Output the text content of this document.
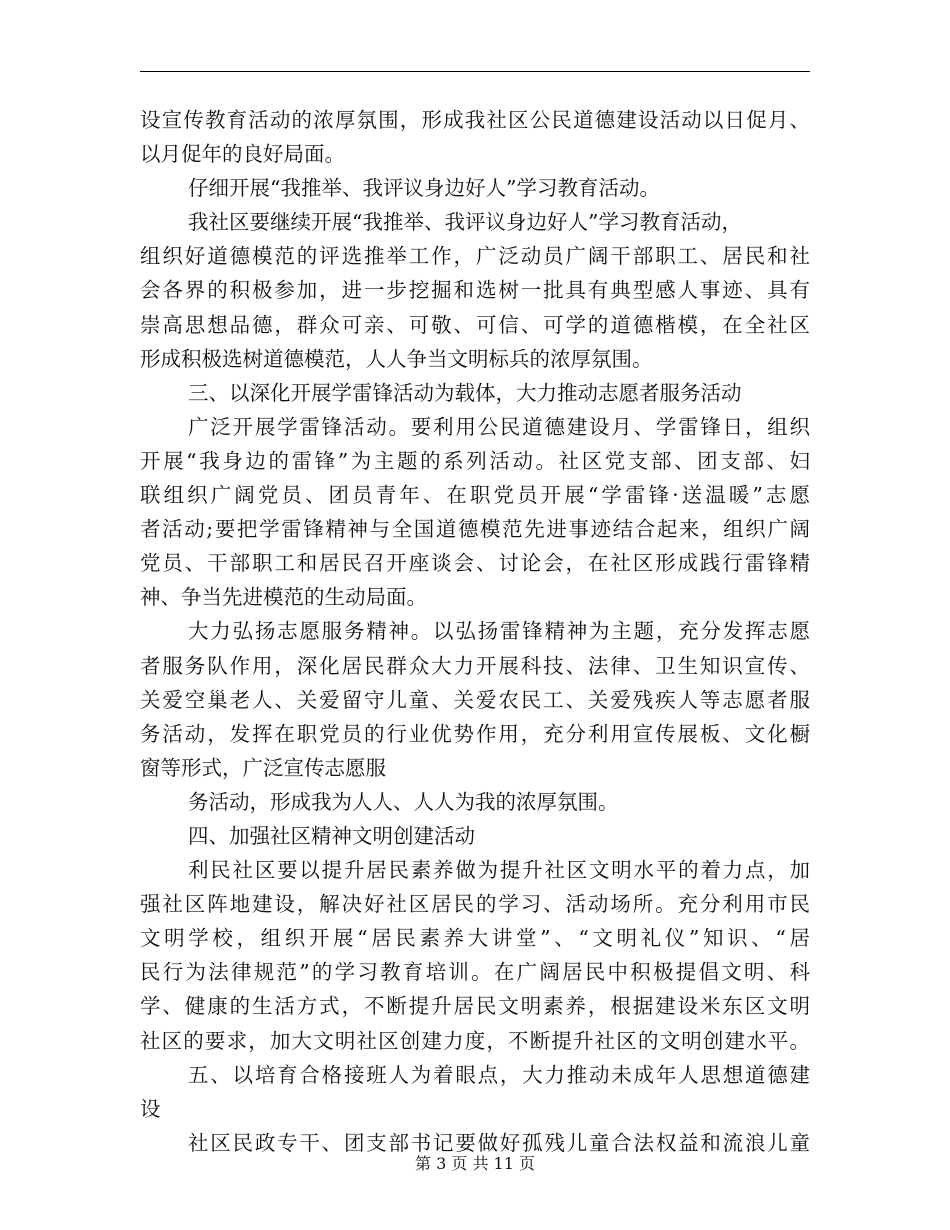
设宣传教育活动的浓厚氛围，形成我社区公民道德建设活动以日促月、
以月促年的良好局面。
仔细开展“我推举、我评议身边好人”学习教育活动。
我社区要继续开展“我推举、我评议身边好人”学习教育活动，
组织好道德模范的评选推举工作，广泛动员广阔干部职工、居民和社
会各界的积极参加，进一步挖掘和选树一批具有典型感人事迹、具有
崇高思想品德，群众可亲、可敬、可信、可学的道德楷模，在全社区
形成积极选树道德模范，人人争当文明标兵的浓厚氛围。
三、以深化开展学雷锋活动为载体，大力推动志愿者服务活动
广泛开展学雷锋活动。要利用公民道德建设月、学雷锋日，组织
开展“我身边的雷锋”为主题的系列活动。社区党支部、团支部、妇
联组织广阔党员、团员青年、在职党员开展“学雷锋·送温暖”志愿
者活动;要把学雷锋精神与全国道德模范先进事迹结合起来，组织广阔
党员、干部职工和居民召开座谈会、讨论会，在社区形成践行雷锋精
神、争当先进模范的生动局面。
大力弘扬志愿服务精神。以弘扬雷锋精神为主题，充分发挥志愿
者服务队作用，深化居民群众大力开展科技、法律、卫生知识宣传、
关爱空巢老人、关爱留守儿童、关爱农民工、关爱残疾人等志愿者服
务活动，发挥在职党员的行业优势作用，充分利用宣传展板、文化橱
窗等形式，广泛宣传志愿服
务活动，形成我为人人、人人为我的浓厚氛围。
四、加强社区精神文明创建活动
利民社区要以提升居民素养做为提升社区文明水平的着力点，加
强社区阵地建设，解决好社区居民的学习、活动场所。充分利用市民
文明学校，组织开展“居民素养大讲堂”、“文明礼仪”知识、“居
民行为法律规范”的学习教育培训。在广阔居民中积极提倡文明、科
学、健康的生活方式，不断提升居民文明素养，根据建设米东区文明
社区的要求，加大文明社区创建力度，不断提升社区的文明创建水平。
五、以培育合格接班人为着眼点，大力推动未成年人思想道德建
设
社区民政专干、团支部书记要做好孤残儿童合法权益和流浪儿童
第 3 页 共 11 页
